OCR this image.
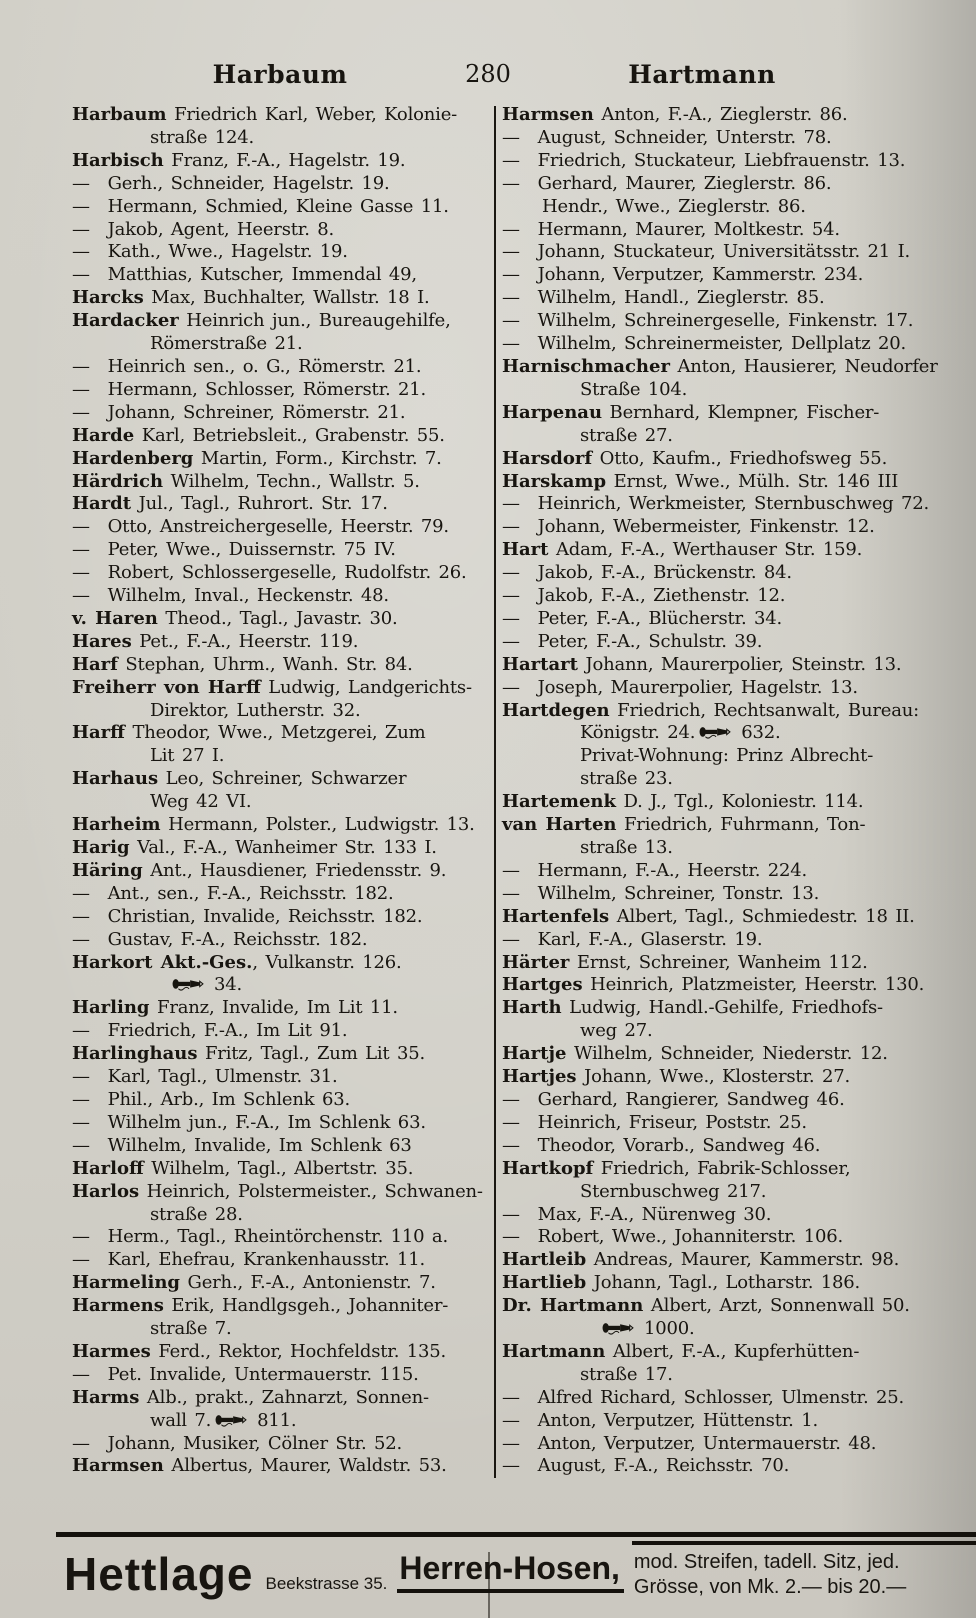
Harbaum	280	Hartmann
Harbaum Friedrich Karl, Weber, Kolonie-
straße 124.
Harbisch Franz, F.-A., Hagelstr. 19.
— Gerh., Schneider, Hagelstr. 19.
— Hermann, Schmied, Kleine Gasse 11.
— Jakob, Agent, Heerstr. 8.
— Kath., Wwe., Hagelstr. 19.
— Matthias, Kutscher, Immendal 49,
Harcks Max, Buchhalter, Wallstr. 18 I.
Hardacker Heinrich jun., Bureaugehilfe,
Römerstraße 21.
— Heinrich sen., o. G., Römerstr. 21.
— Hermann, Schlosser, Römerstr. 21.
— Johann, Schreiner, Römerstr. 21.
Harde Karl, Betriebsleit., Grabenstr. 55.
Hardenberg Martin, Form., Kirchstr. 7.
Härdrich Wilhelm, Techn., Wallstr. 5.
Hardt Jul., Tagl., Ruhrort. Str. 17.
— Otto, Anstreichergeselle, Heerstr. 79.
— Peter, Wwe., Duissernstr. 75 IV.
— Robert, Schlossergeselle, Rudolfstr. 26.
— Wilhelm, Inval., Heckenstr. 48.
v. Haren Theod., Tagl., Javastr. 30.
Hares Pet., F.-A., Heerstr. 119.
Harf Stephan, Uhrm., Wanh. Str. 84.
Freiherr von Harff Ludwig, Landgerichts-
Direktor, Lutherstr. 32.
Harff Theodor, Wwe., Metzgerei, Zum
Lit 27 I.
Harhaus Leo, Schreiner, Schwarzer
Weg 42 VI.
Harheim Hermann, Polster., Ludwigstr. 13.
Harig Val., F.-A., Wanheimer Str. 133 I.
Häring Ant., Hausdiener, Friedensstr. 9.
— Ant., sen., F.-A., Reichsstr. 182.
— Christian, Invalide, Reichsstr. 182.
— Gustav, F.-A., Reichsstr. 182.
Harkort Akt.-Ges., Vulkanstr. 126.
34.
Harling Franz, Invalide, Im Lit 11.
— Friedrich, F.-A., Im Lit 91.
Harlinghaus Fritz, Tagl., Zum Lit 35.
— Karl, Tagl., Ulmenstr. 31.
— Phil., Arb., Im Schlenk 63.
— Wilhelm jun., F.-A., Im Schlenk 63.
— Wilhelm, Invalide, Im Schlenk 63
Harloff Wilhelm, Tagl., Albertstr. 35.
Harlos Heinrich, Polstermeister., Schwanen-
straße 28.
— Herm., Tagl., Rheintörchenstr. 110 a.
— Karl, Ehefrau, Krankenhausstr. 11.
Harmeling Gerh., F.-A., Antonienstr. 7.
Harmens Erik, Handlgsgeh., Johanniter-
straße 7.
Harmes Ferd., Rektor, Hochfeldstr. 135.
— Pet. Invalide, Untermauerstr. 115.
Harms Alb., prakt., Zahnarzt, Sonnen-
wall 7.	811.
— Johann, Musiker, Cölner Str. 52.
Harmsen Albertus, Maurer, Waldstr. 53.
Harmsen Anton, F.-A., Zieglerstr. 86.
— August, Schneider, Unterstr. 78.
— Friedrich, Stuckateur, Liebfrauenstr. 13.
— Gerhard, Maurer, Zieglerstr. 86.
Hendr., Wwe., Zieglerstr. 86.
— Hermann, Maurer, Moltkestr. 54.
— Johann, Stuckateur, Universitätsstr. 21 I.
— Johann, Verputzer, Kammerstr. 234.
— Wilhelm, Handl., Zieglerstr. 85.
— Wilhelm, Schreinergeselle, Finkenstr. 17.
— Wilhelm, Schreinermeister, Dellplatz 20.
Harnischmacher Anton, Hausierer, Neudorfer
Straße 104.
Harpenau Bernhard, Klempner, Fischer-
straße 27.
Harsdorf Otto, Kaufm., Friedhofsweg 55.
Harskamp Ernst, Wwe., Mülh. Str. 146 III
— Heinrich, Werkmeister, Sternbuschweg 72.
— Johann, Webermeister, Finkenstr. 12.
Hart Adam, F.-A., Werthauser Str. 159.
— Jakob, F.-A., Brückenstr. 84.
— Jakob, F.-A., Ziethenstr. 12.
— Peter, F.-A., Blücherstr. 34.
— Peter, F.-A., Schulstr. 39.
Hartart Johann, Maurerpolier, Steinstr. 13.
— Joseph, Maurerpolier, Hagelstr. 13.
Hartdegen Friedrich, Rechtsanwalt, Bureau:
Königstr. 24.	632.
Privat-Wohnung: Prinz Albrecht-
straße 23.
Hartemenk D. J., Tgl., Koloniestr. 114.
van Harten Friedrich, Fuhrmann, Ton-
straße 13.
— Hermann, F.-A., Heerstr. 224.
— Wilhelm, Schreiner, Tonstr. 13.
Hartenfels Albert, Tagl., Schmiedestr. 18 II.
— Karl, F.-A., Glaserstr. 19.
Härter Ernst, Schreiner, Wanheim 112.
Hartges Heinrich, Platzmeister, Heerstr. 130.
Harth Ludwig, Handl.-Gehilfe, Friedhofs-
weg 27.
Hartje Wilhelm, Schneider, Niederstr. 12.
Hartjes Johann, Wwe., Klosterstr. 27.
— Gerhard, Rangierer, Sandweg 46.
— Heinrich, Friseur, Poststr. 25.
— Theodor, Vorarb., Sandweg 46.
Hartkopf Friedrich, Fabrik-Schlosser,
Sternbuschweg 217.
— Max, F.-A., Nürenweg 30.
— Robert, Wwe., Johanniterstr. 106.
Hartleib Andreas, Maurer, Kammerstr. 98.
Hartlieb Johann, Tagl., Lotharstr. 186.
Dr. Hartmann Albert, Arzt, Sonnenwall 50.
1000.
Hartmann Albert, F.-A., Kupferhütten-
straße 17.
— Alfred Richard, Schlosser, Ulmenstr. 25.
— Anton, Verputzer, Hüttenstr. 1.
— Anton, Verputzer, Untermauerstr. 48.
— August, F.-A., Reichsstr. 70.
Hettlage Beekstrasse 35. Herren-Hosen, mod. Streifen, tadell. Sitz, jed.
Grösse, von Mk. 2.— bis 20.—
